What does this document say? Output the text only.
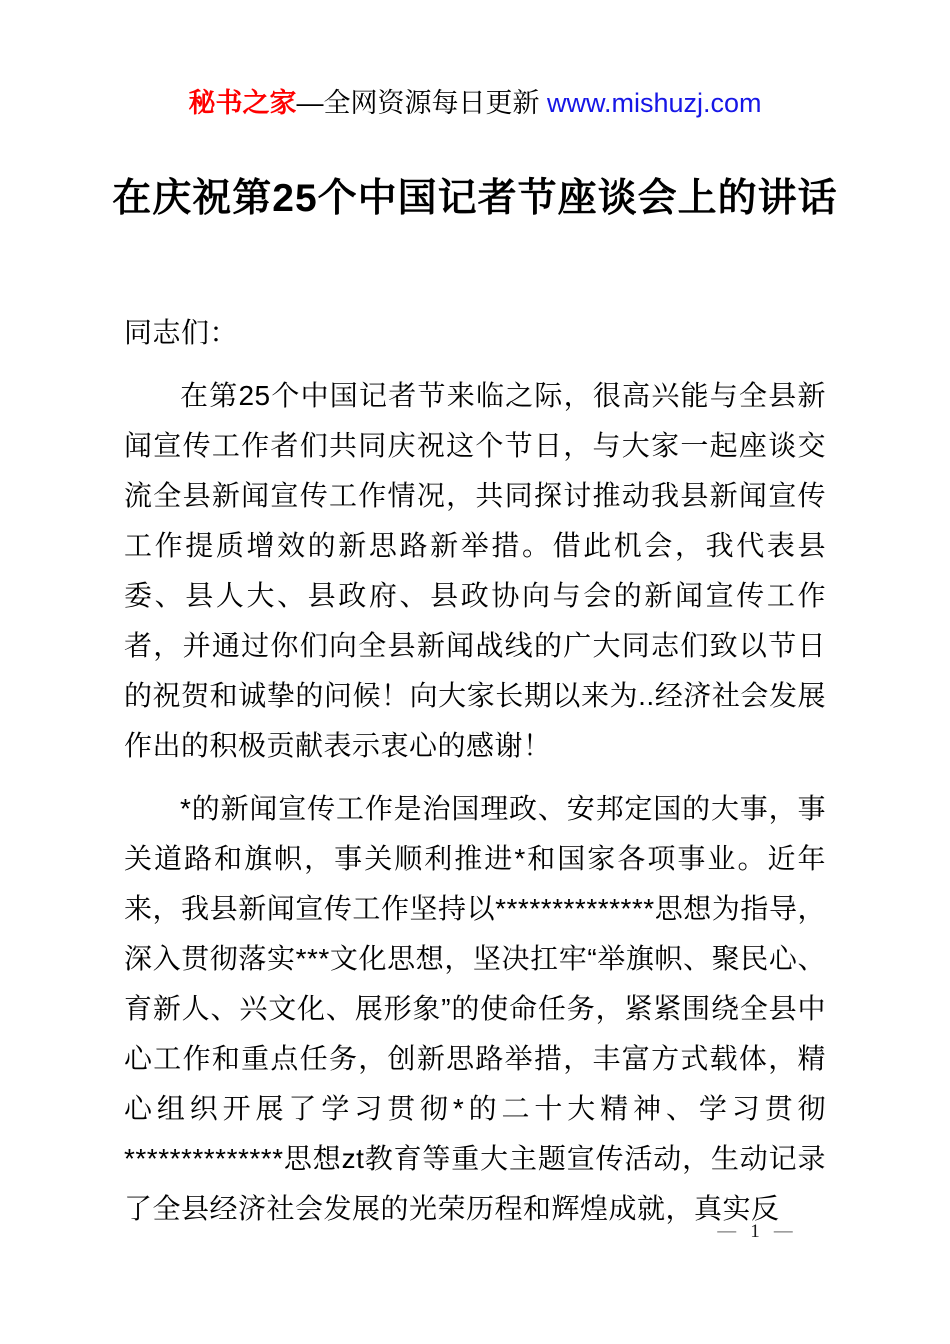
秘书之家—全网资源每日更新 www.mishuzj.com
在庆祝第25个中国记者节座谈会上的讲话

同志们：

在第25个中国记者节来临之际，很高兴能与全县新闻宣传工作者们共同庆祝这个节日，与大家一起座谈交流全县新闻宣传工作情况，共同探讨推动我县新闻宣传工作提质增效的新思路新举措。借此机会，我代表县委、县人大、县政府、县政协向与会的新闻宣传工作者，并通过你们向全县新闻战线的广大同志们致以节日的祝贺和诚挚的问候！向大家长期以来为..经济社会发展作出的积极贡献表示衷心的感谢！

*的新闻宣传工作是治国理政、安邦定国的大事，事关道路和旗帜，事关顺利推进*和国家各项事业。近年来，我县新闻宣传工作坚持以**************思想为指导，深入贯彻落实***文化思想，坚决扛牢“举旗帜、聚民心、育新人、兴文化、展形象”的使命任务，紧紧围绕全县中心工作和重点任务，创新思路举措，丰富方式载体，精心组织开展了学习贯彻*的二十大精神、学习贯彻**************思想zt教育等重大主题宣传活动，生动记录了全县经济社会发展的光荣历程和辉煌成就，真实反

— 1 —
